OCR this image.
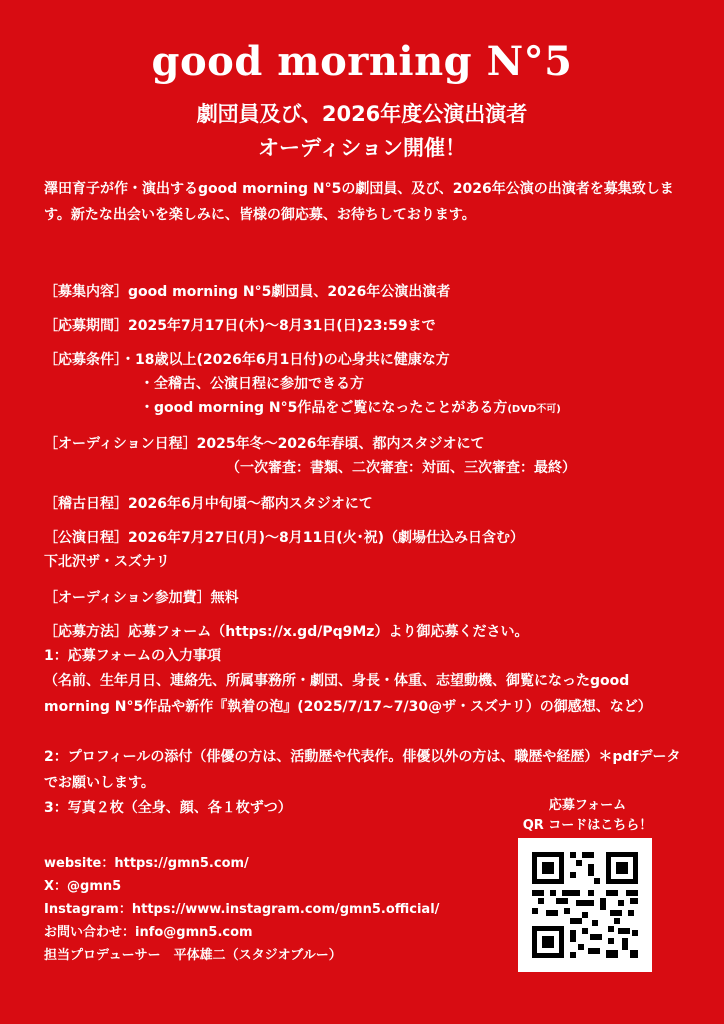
good morning N°5
劇団員及び、2026年度公演出演者
オーディション開催！
澤田育子が作・演出するgood morning N°5の劇団員、及び、2026年公演の出演者を募集致します。新たな出会いを楽しみに、皆様の御応募、お待ちしております。
［募集内容］good morning N°5劇団員、2026年公演出演者
［応募期間］2025年7月17日(木)〜8月31日(日)23:59まで
［応募条件］・18歳以上(2026年6月1日付)の心身共に健康な方
・全稽古、公演日程に参加できる方
・good morning N°5作品をご覧になったことがある方(DVD不可)
［オーディション日程］2025年冬〜2026年春頃、都内スタジオにて
（一次審査：書類、二次審査：対面、三次審査：最終）
［稽古日程］2026年6月中旬頃〜都内スタジオにて
［公演日程］2026年7月27日(月)〜8月11日(火･祝)（劇場仕込み日含む）
下北沢ザ・スズナリ
［オーディション参加費］無料
［応募方法］応募フォーム（https://x.gd/Pq9Mz）より御応募ください。
1：応募フォームの入力事項
（名前、生年月日、連絡先、所属事務所・劇団、身長・体重、志望動機、御覧になったgood morning N°5作品や新作『執着の泡』(2025/7/17~7/30@ザ・スズナリ）の御感想、など）
2：プロフィールの添付（俳優の方は、活動歴や代表作。俳優以外の方は、職歴や経歴）＊pdfデータでお願いします。
3：写真２枚（全身、顔、各１枚ずつ）	応募フォーム
QR コードはこちら！
website：https://gmn5.com/
X：@gmn5
Instagram：https://www.instagram.com/gmn5.official/
お問い合わせ：info@gmn5.com
担当プロデューサー　平体雄二（スタジオブルー）
